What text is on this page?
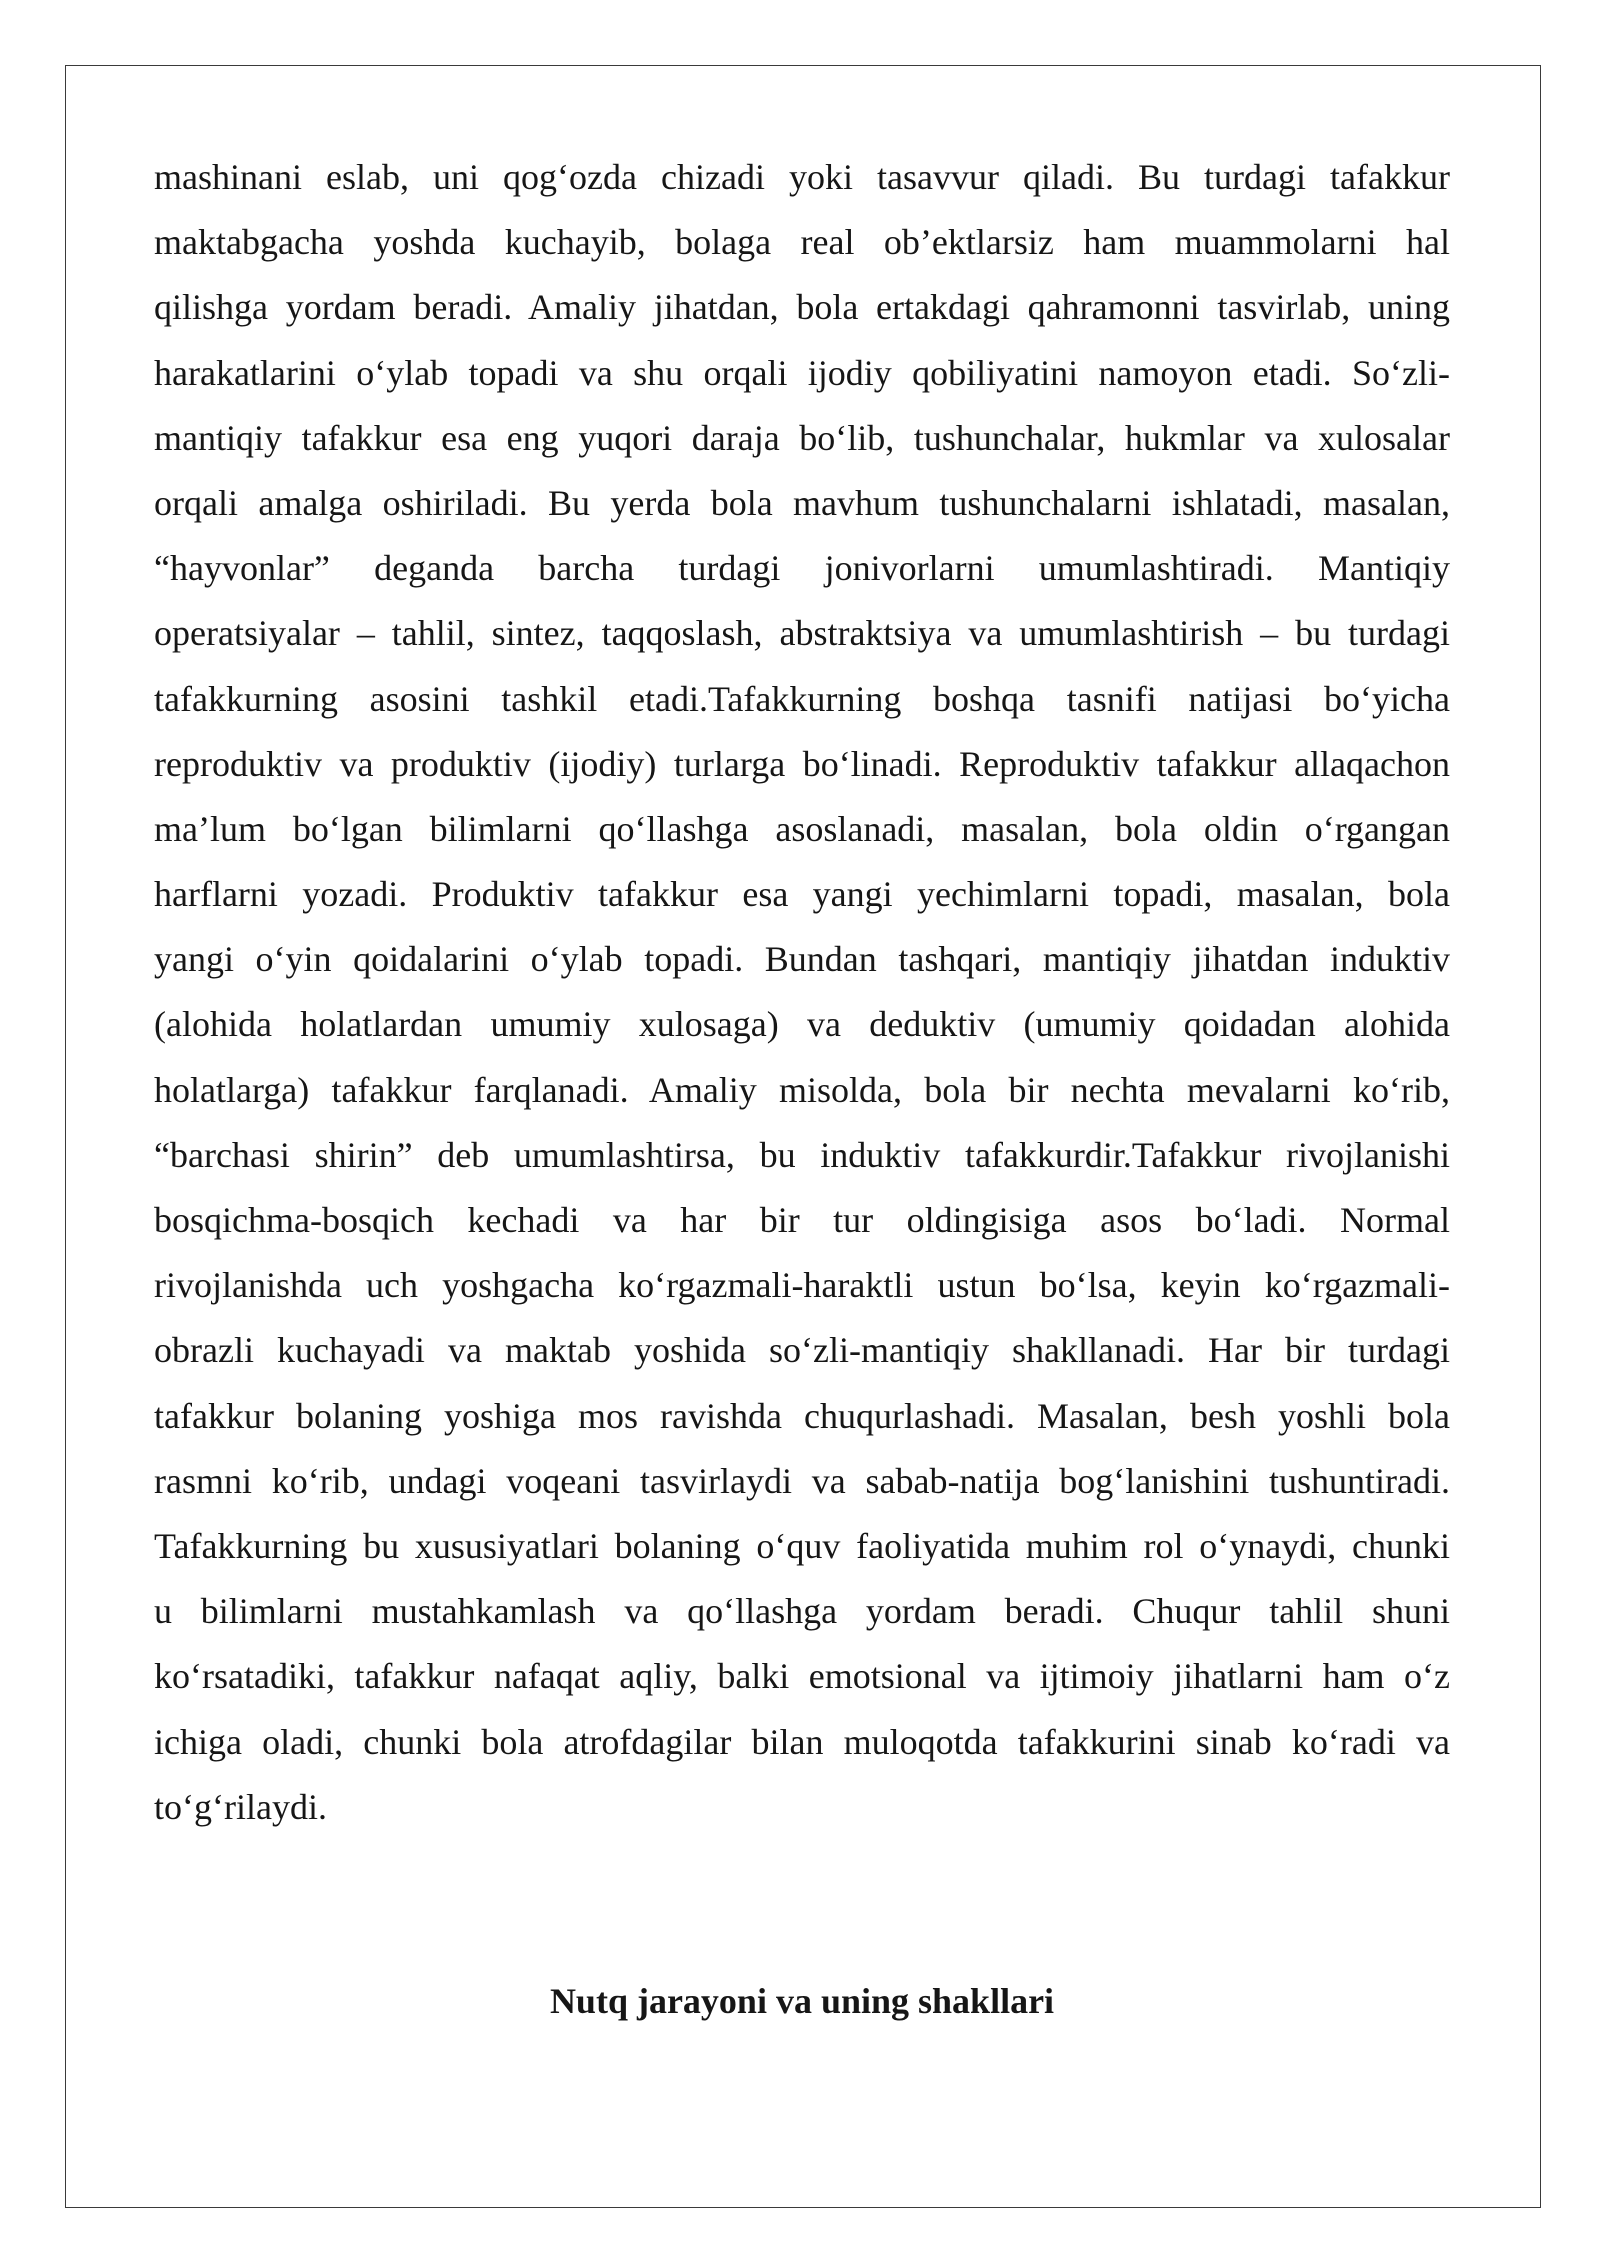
mashinani eslab, uni qogʻozda chizadi yoki tasavvur qiladi. Bu turdagi tafakkur
maktabgacha yoshda kuchayib, bolaga real ob’ektlarsiz ham muammolarni hal
qilishga yordam beradi. Amaliy jihatdan, bola ertakdagi qahramonni tasvirlab, uning
harakatlarini oʻylab topadi va shu orqali ijodiy qobiliyatini namoyon etadi. Soʻzli-
mantiqiy tafakkur esa eng yuqori daraja boʻlib, tushunchalar, hukmlar va xulosalar
orqali amalga oshiriladi. Bu yerda bola mavhum tushunchalarni ishlatadi, masalan,
“hayvonlar” deganda barcha turdagi jonivorlarni umumlashtiradi. Mantiqiy
operatsiyalar – tahlil, sintez, taqqoslash, abstraktsiya va umumlashtirish – bu turdagi
tafakkurning asosini tashkil etadi.Tafakkurning boshqa tasnifi natijasi boʻyicha
reproduktiv va produktiv (ijodiy) turlarga boʻlinadi. Reproduktiv tafakkur allaqachon
ma’lum boʻlgan bilimlarni qoʻllashga asoslanadi, masalan, bola oldin oʻrgangan
harflarni yozadi. Produktiv tafakkur esa yangi yechimlarni topadi, masalan, bola
yangi oʻyin qoidalarini oʻylab topadi. Bundan tashqari, mantiqiy jihatdan induktiv
(alohida holatlardan umumiy xulosaga) va deduktiv (umumiy qoidadan alohida
holatlarga) tafakkur farqlanadi. Amaliy misolda, bola bir nechta mevalarni koʻrib,
“barchasi shirin” deb umumlashtirsa, bu induktiv tafakkurdir.Tafakkur rivojlanishi
bosqichma-bosqich kechadi va har bir tur oldingisiga asos boʻladi. Normal
rivojlanishda uch yoshgacha koʻrgazmali-haraktli ustun boʻlsa, keyin koʻrgazmali-
obrazli kuchayadi va maktab yoshida soʻzli-mantiqiy shakllanadi. Har bir turdagi
tafakkur bolaning yoshiga mos ravishda chuqurlashadi. Masalan, besh yoshli bola
rasmni koʻrib, undagi voqeani tasvirlaydi va sabab-natija bogʻlanishini tushuntiradi.
Tafakkurning bu xususiyatlari bolaning oʻquv faoliyatida muhim rol oʻynaydi, chunki
u bilimlarni mustahkamlash va qoʻllashga yordam beradi. Chuqur tahlil shuni
koʻrsatadiki, tafakkur nafaqat aqliy, balki emotsional va ijtimoiy jihatlarni ham oʻz
ichiga oladi, chunki bola atrofdagilar bilan muloqotda tafakkurini sinab koʻradi va
toʻgʻrilaydi.
Nutq jarayoni va uning shakllari
